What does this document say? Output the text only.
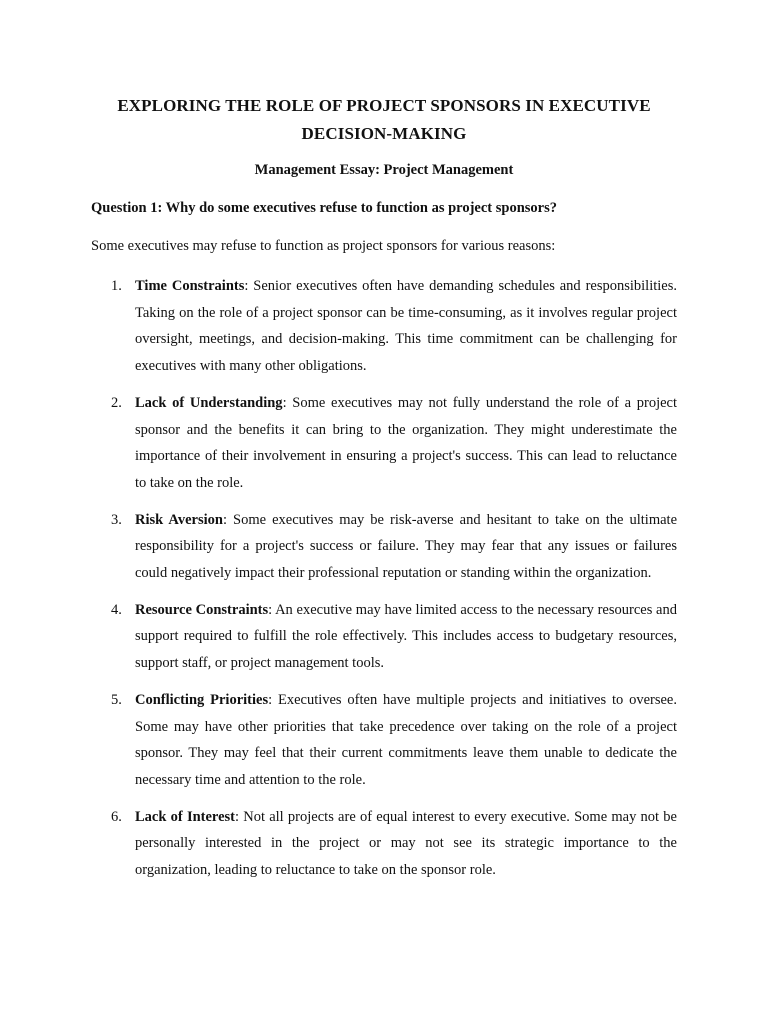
EXPLORING THE ROLE OF PROJECT SPONSORS IN EXECUTIVE
DECISION-MAKING

Management Essay: Project Management

Question 1: Why do some executives refuse to function as project sponsors?

Some executives may refuse to function as project sponsors for various reasons:

1. Time Constraints: Senior executives often have demanding schedules and responsibilities. Taking on the role of a project sponsor can be time-consuming, as it involves regular project oversight, meetings, and decision-making. This time commitment can be challenging for executives with many other obligations.
2. Lack of Understanding: Some executives may not fully understand the role of a project sponsor and the benefits it can bring to the organization. They might underestimate the importance of their involvement in ensuring a project's success. This can lead to reluctance to take on the role.
3. Risk Aversion: Some executives may be risk-averse and hesitant to take on the ultimate responsibility for a project's success or failure. They may fear that any issues or failures could negatively impact their professional reputation or standing within the organization.
4. Resource Constraints: An executive may have limited access to the necessary resources and support required to fulfill the role effectively. This includes access to budgetary resources, support staff, or project management tools.
5. Conflicting Priorities: Executives often have multiple projects and initiatives to oversee. Some may have other priorities that take precedence over taking on the role of a project sponsor. They may feel that their current commitments leave them unable to dedicate the necessary time and attention to the role.
6. Lack of Interest: Not all projects are of equal interest to every executive. Some may not be personally interested in the project or may not see its strategic importance to the organization, leading to reluctance to take on the sponsor role.
